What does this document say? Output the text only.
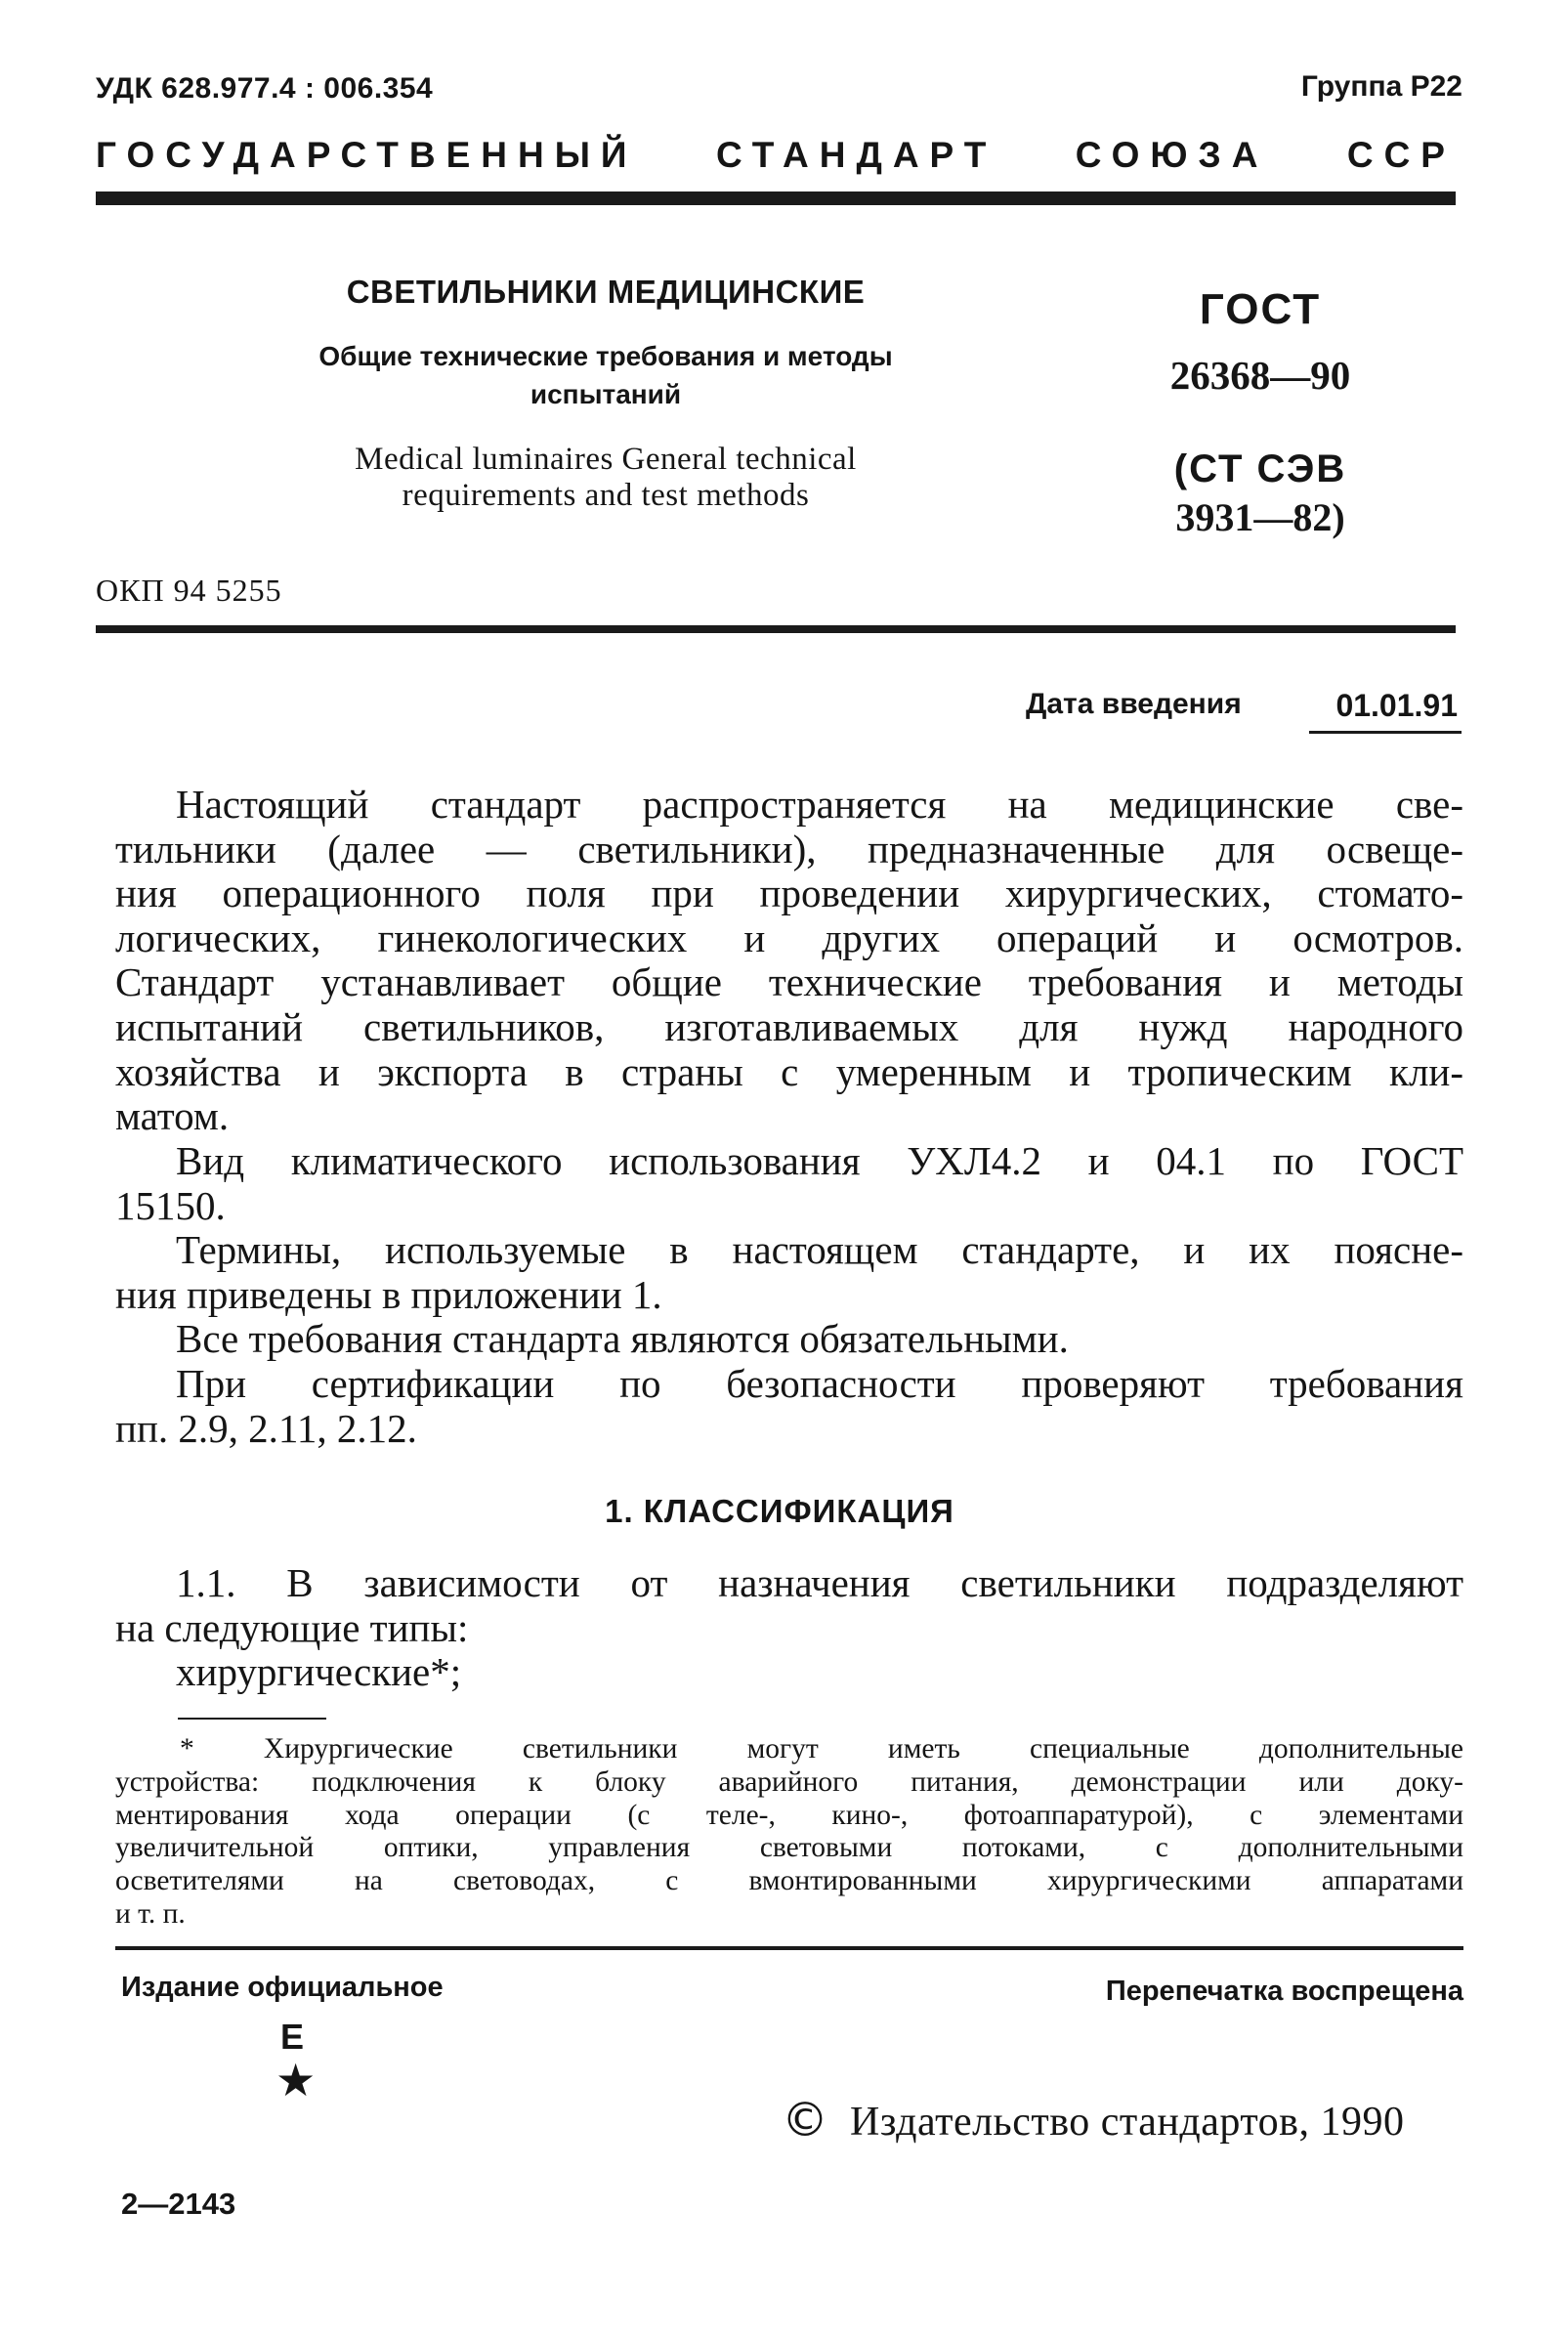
УДК 628.977.4 : 006.354	Группа Р22
ГОСУДАРСТВЕННЫЙ СТАНДАРТ СОЮЗА ССР
СВЕТИЛЬНИКИ МЕДИЦИНСКИЕ
Общие технические требования и методы
испытаний
Medical luminaires General technical
requirements and test methods
ГОСТ
26368—90
(СТ СЭВ
3931—82)
ОКП 94 5255
Дата введения	01.01.91
Настоящий стандарт распространяется на медицинские све-
тильники (далее — светильники), предназначенные для освеще-
ния операционного поля при проведении хирургических, стомато-
логических, гинекологических и других операций и осмотров.
Стандарт устанавливает общие технические требования и методы
испытаний светильников, изготавливаемых для нужд народного
хозяйства и экспорта в страны с умеренным и тропическим кли-
матом.
Вид климатического использования УХЛ4.2 и 04.1 по ГОСТ
15150.
Термины, используемые в настоящем стандарте, и их поясне-
ния приведены в приложении 1.
Все требования стандарта являются обязательными.
При сертификации по безопасности проверяют требования
пп. 2.9, 2.11, 2.12.
1. КЛАССИФИКАЦИЯ
1.1. В зависимости от назначения светильники подразделяют
на следующие типы:
хирургические*;
* Хирургические светильники могут иметь специальные дополнительные
устройства: подключения к блоку аварийного питания, демонстрации или доку-
ментирования хода операции (с теле-, кино-, фотоаппаратурой), с элементами
увеличительной оптики, управления световыми потоками, с дополнительными
осветителями на световодах, с вмонтированными хирургическими аппаратами
и т. п.
Издание официальное	Перепечатка воспрещена
Е
★
© Издательство стандартов, 1990
2—2143
